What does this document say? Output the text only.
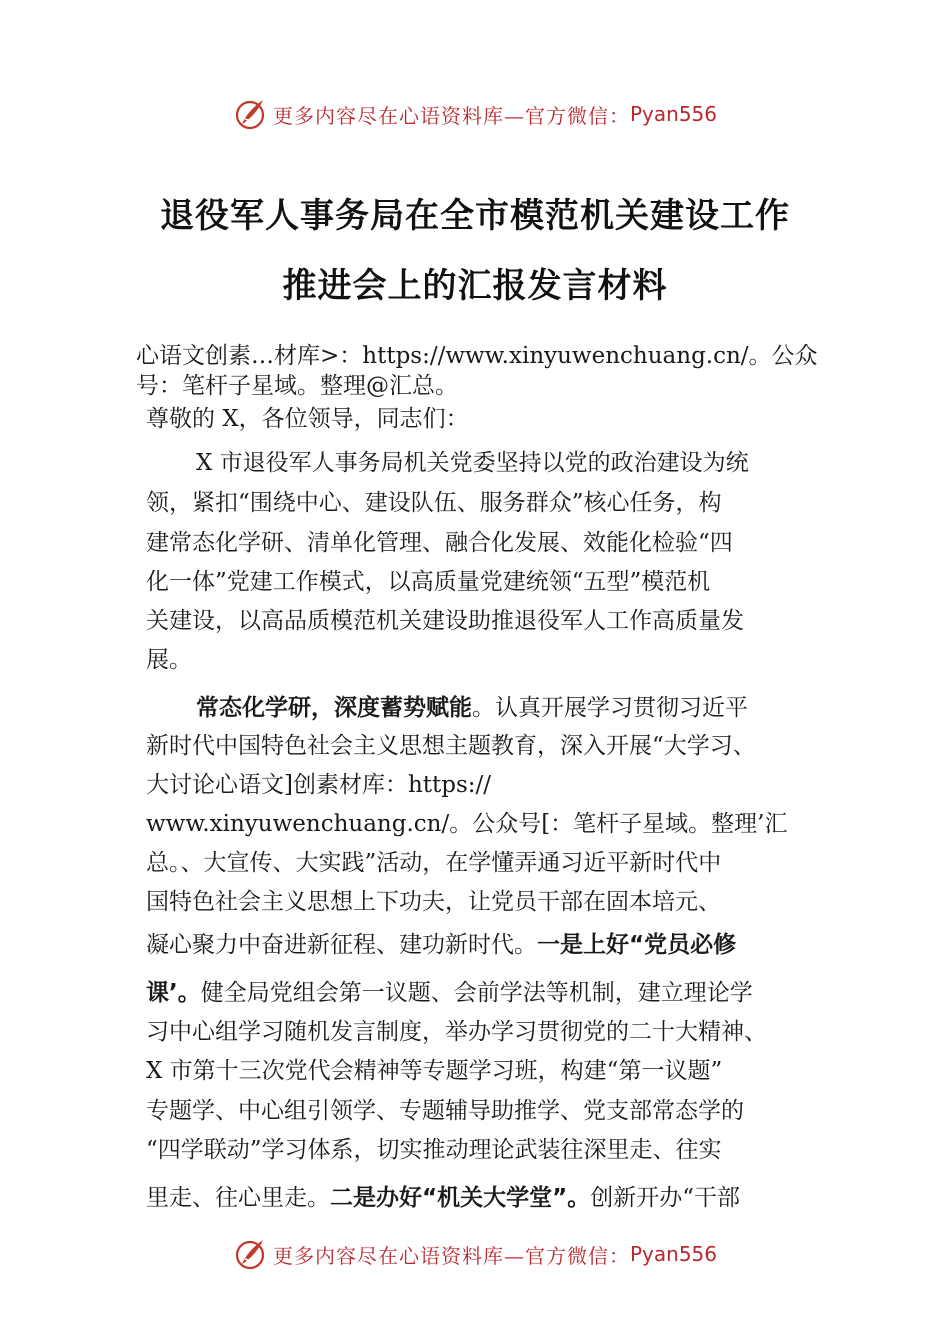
更多内容尽在心语资料库—官方微信： Pyan556
退役军人事务局在全市模范机关建设工作
推进会上的汇报发言材料
心语文创素…材库>：https://www.xinyuwenchuang.cn/。公众
号：笔杆子星域。整理@汇总。
尊敬的 X，各位领导，同志们：
X 市退役军人事务局机关党委坚持以党的政治建设为统
领，紧扣“围绕中心、建设队伍、服务群众”核心任务，构
建常态化学研、清单化管理、融合化发展、效能化检验“四
化一体”党建工作模式，以高质量党建统领“五型”模范机
关建设，以高品质模范机关建设助推退役军人工作高质量发
展。
常态化学研，深度蓄势赋能。认真开展学习贯彻习近平
新时代中国特色社会主义思想主题教育，深入开展“大学习、
大讨论心语文]创素材库：https://
www.xinyuwenchuang.cn/。公众号[：笔杆子星域。整理’汇
总。、大宣传、大实践”活动，在学懂弄通习近平新时代中
国特色社会主义思想上下功夫，让党员干部在固本培元、
凝心聚力中奋进新征程、建功新时代。一是上好“党员必修
课’。健全局党组会第一议题、会前学法等机制，建立理论学
习中心组学习随机发言制度，举办学习贯彻党的二十大精神、
X 市第十三次党代会精神等专题学习班，构建“第一议题”
专题学、中心组引领学、专题辅导助推学、党支部常态学的
“四学联动”学习体系，切实推动理论武装往深里走、往实
里走、往心里走。二是办好“机关大学堂”。创新开办“干部
更多内容尽在心语资料库—官方微信： Pyan556
